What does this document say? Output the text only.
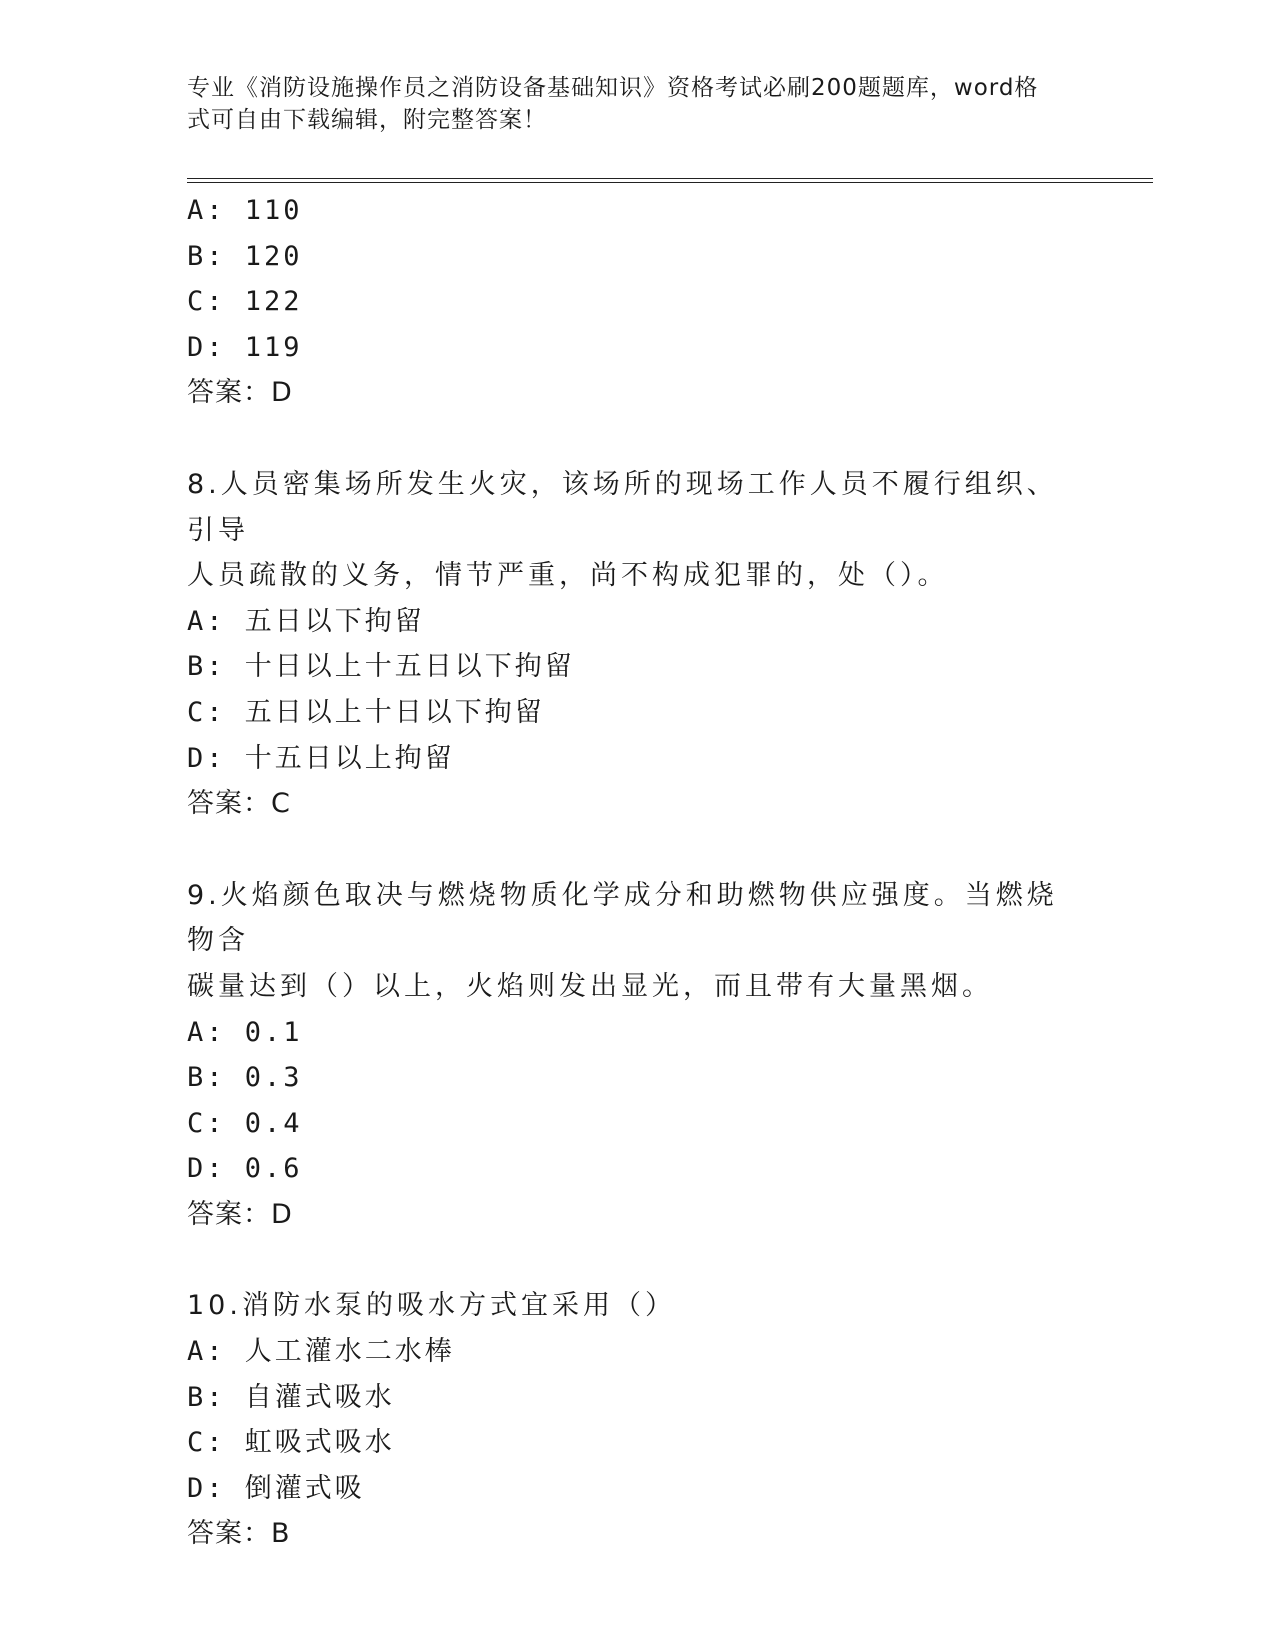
专业《消防设施操作员之消防设备基础知识》资格考试必刷200题题库，word格
式可自由下载编辑，附完整答案！
A: 110
B: 120
C: 122
D: 119
答案：D
8.人员密集场所发生火灾，该场所的现场工作人员不履行组织、引导
人员疏散的义务，情节严重，尚不构成犯罪的，处（）。
A: 五日以下拘留
B: 十日以上十五日以下拘留
C: 五日以上十日以下拘留
D: 十五日以上拘留
答案：C
9.火焰颜色取决与燃烧物质化学成分和助燃物供应强度。当燃烧物含
碳量达到（）以上，火焰则发出显光，而且带有大量黑烟。
A: 0.1
B: 0.3
C: 0.4
D: 0.6
答案：D
10.消防水泵的吸水方式宜采用（）
A: 人工灌水二水棒
B: 自灌式吸水
C: 虹吸式吸水
D: 倒灌式吸
答案：B
